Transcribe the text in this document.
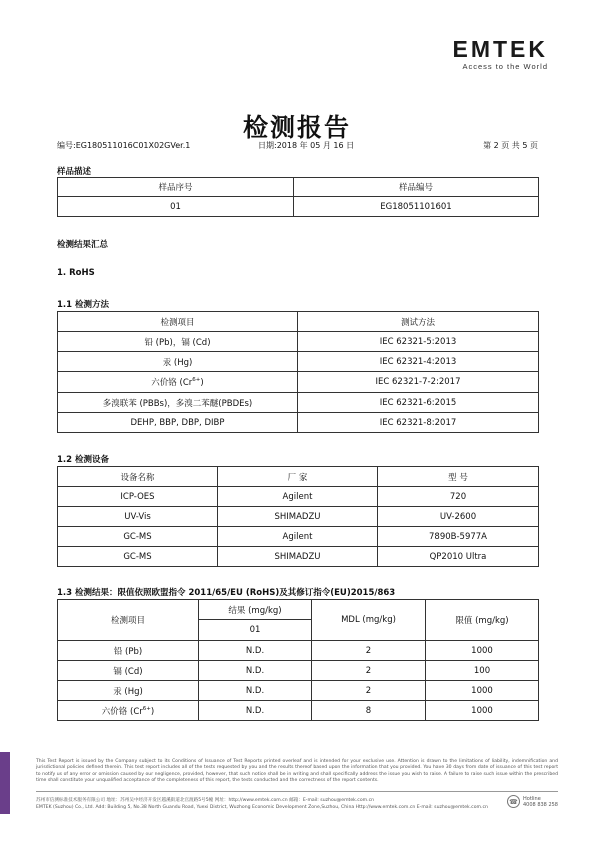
EMTEK
Access to the World
检测报告
编号:EG180511016C01X02GVer.1	日期:2018 年 05 月 16 日	第 2 页 共 5 页
样品描述
样品序号	样品编号
01	EG18051101601
检测结果汇总
1. RoHS
1.1 检测方法
检测项目	测试方法
铅 (Pb)，镉 (Cd)	IEC 62321-5:2013
汞 (Hg)	IEC 62321-4:2013
六价铬 $(Cr^{6+})$	IEC 62321-7-2:2017
多溴联苯 (PBBs)，多溴二苯醚(PBDEs)	IEC 62321-6:2015
DEHP, BBP, DBP, DIBP	IEC 62321-8:2017
1.2 检测设备
设备名称	厂 家	型 号
ICP-OES	Agilent	720
UV-Vis	SHIMADZU	UV-2600
GC-MS	Agilent	7890B-5977A
GC-MS	SHIMADZU	QP2010 Ultra
1.3 检测结果：限值依照欧盟指令 2011/65/EU (RoHS)及其修订指令(EU)2015/863
检测项目	结果 (mg/kg)	MDL (mg/kg)	限值 (mg/kg)
	01		
铅 (Pb)	N.D.	2	1000
镉 (Cd)	N.D.	2	100
汞 (Hg)	N.D.	2	1000
六价铬 $(Cr^{6+})$	N.D.	8	1000
This Test Report is issued by the Company subject to its Conditions of Issuance of Test Reports printed overleaf and is intended for your exclusive use. Attention is drawn to the limitations of liability, indemnification and jurisdictional policies defined therein. This test report includes all of the tests requested by you and the results thereof based upon the information that you provided. You have 30 days from date of issuance of this test report to notify us of any error or omission caused by our negligence, provided, however, that such notice shall be in writing and shall specifically address the issue you wish to raise. A failure to raise such issue within the prescribed time shall constitute your unqualified acceptance of the completeness of this report, the tests conducted and the correctness of the report contents.
苏州市信测标准技术服务有限公司 地址：苏州吴中经济开发区越溪街道北官渡路5号5幢 网址：http://www.emtek.com.cn 邮箱：E-mail: suzhou@emtek.com.cn
EMTEK (Suzhou) Co., Ltd. Add: Building 5, No.38 North Guandu Road, Yuexi District, Wuzhong Economic Development Zone,Suzhou, China Http://www.emtek.com.cn E-mail: suzhou@emtek.com.cn
☎	Hotline
4008 838 258
